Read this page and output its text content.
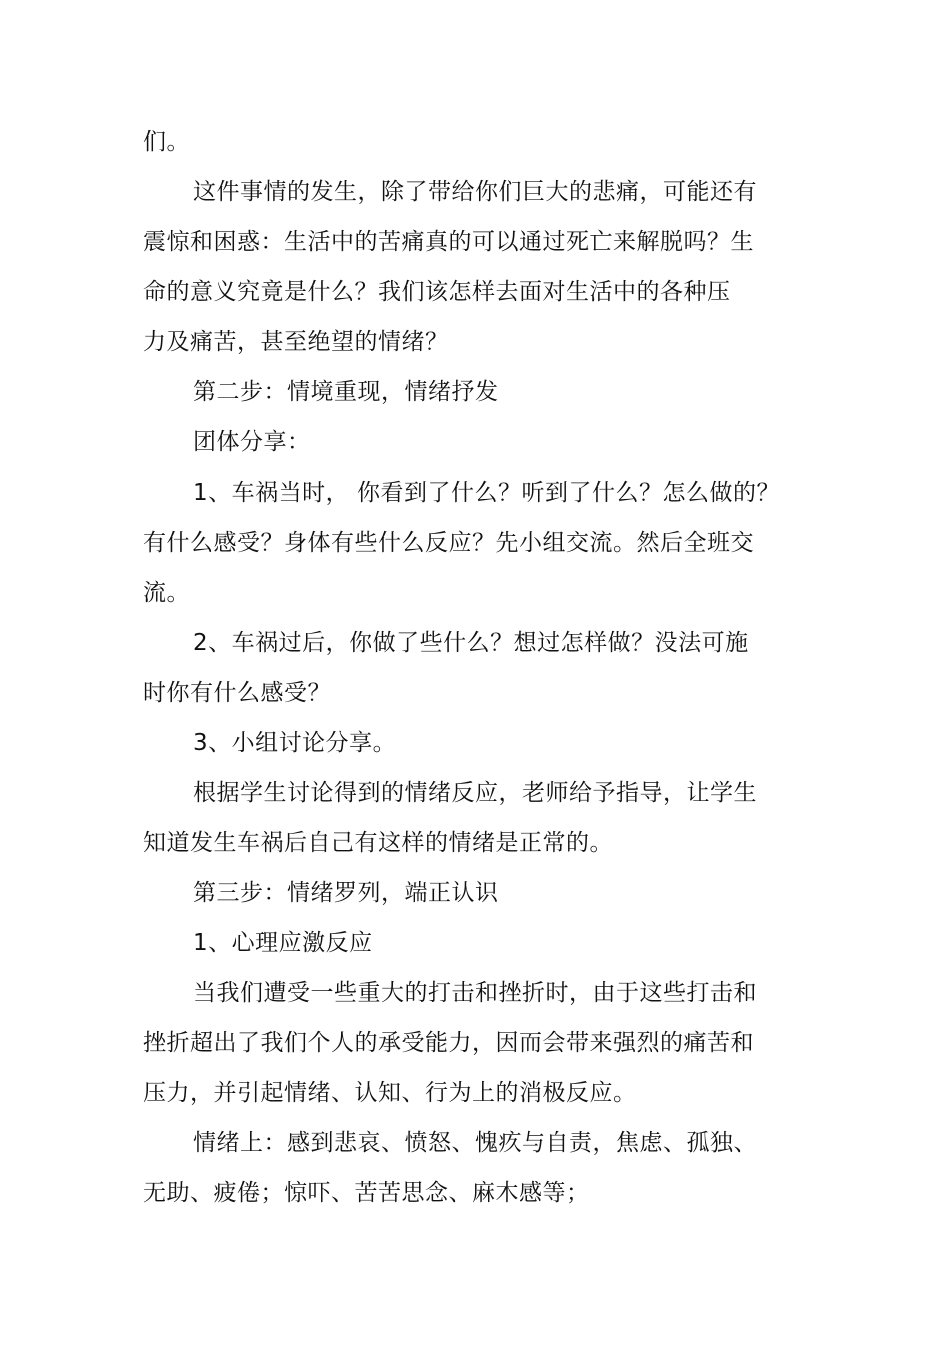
们。
这件事情的发生，除了带给你们巨大的悲痛，可能还有
震惊和困惑：生活中的苦痛真的可以通过死亡来解脱吗？生
命的意义究竟是什么？我们该怎样去面对生活中的各种压
力及痛苦，甚至绝望的情绪？
第二步：情境重现，情绪抒发
团体分享：
1、车祸当时， 你看到了什么？听到了什么？怎么做的？
有什么感受？身体有些什么反应？先小组交流。然后全班交
流。
2、车祸过后，你做了些什么？想过怎样做？没法可施
时你有什么感受？
3、小组讨论分享。
根据学生讨论得到的情绪反应，老师给予指导，让学生
知道发生车祸后自己有这样的情绪是正常的。
第三步：情绪罗列，端正认识
1、心理应激反应
当我们遭受一些重大的打击和挫折时，由于这些打击和
挫折超出了我们个人的承受能力，因而会带来强烈的痛苦和
压力，并引起情绪、认知、行为上的消极反应。
情绪上：感到悲哀、愤怒、愧疚与自责，焦虑、孤独、
无助、疲倦；惊吓、苦苦思念、麻木感等；
